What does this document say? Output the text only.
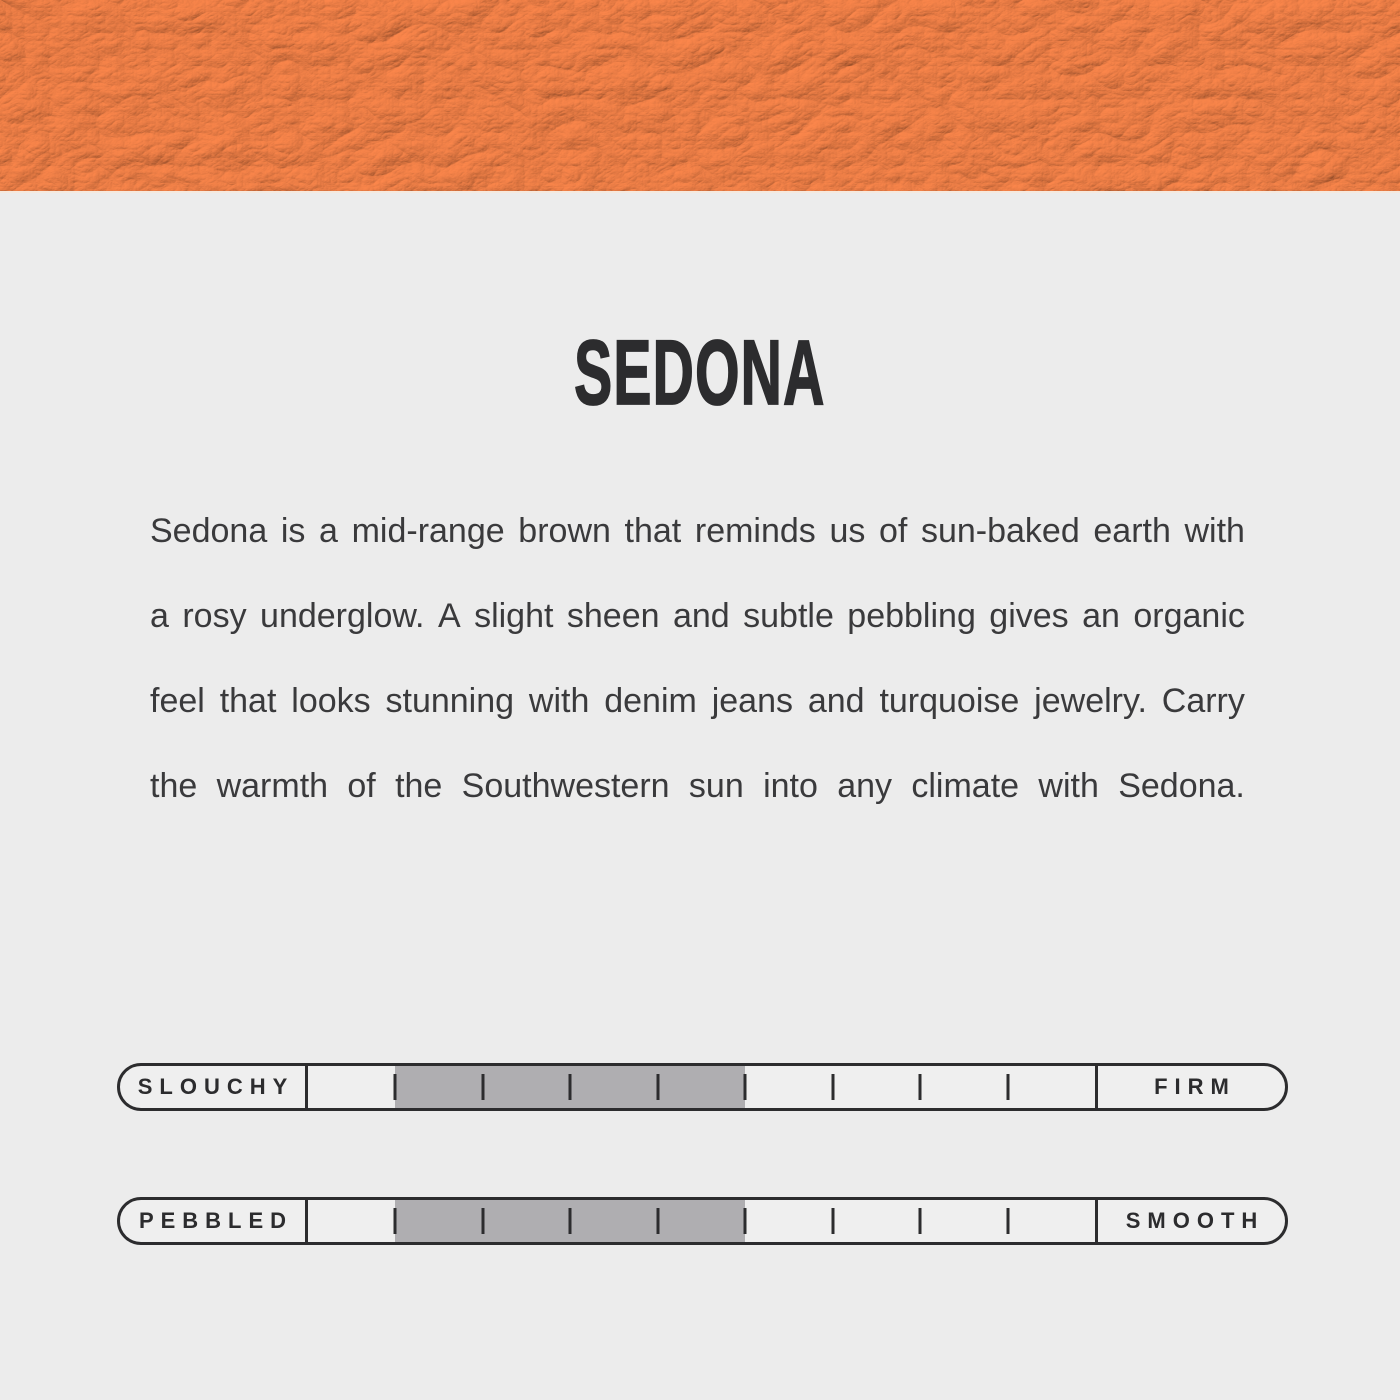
SEDONA
Sedona is a mid-range brown that reminds us of sun-baked earth with
a rosy underglow. A slight sheen and subtle pebbling gives an organic
feel that looks stunning with denim jeans and turquoise jewelry. Carry
the warmth of the Southwestern sun into any climate with Sedona.
SLOUCHY	FIRM
PEBBLED	SMOOTH
